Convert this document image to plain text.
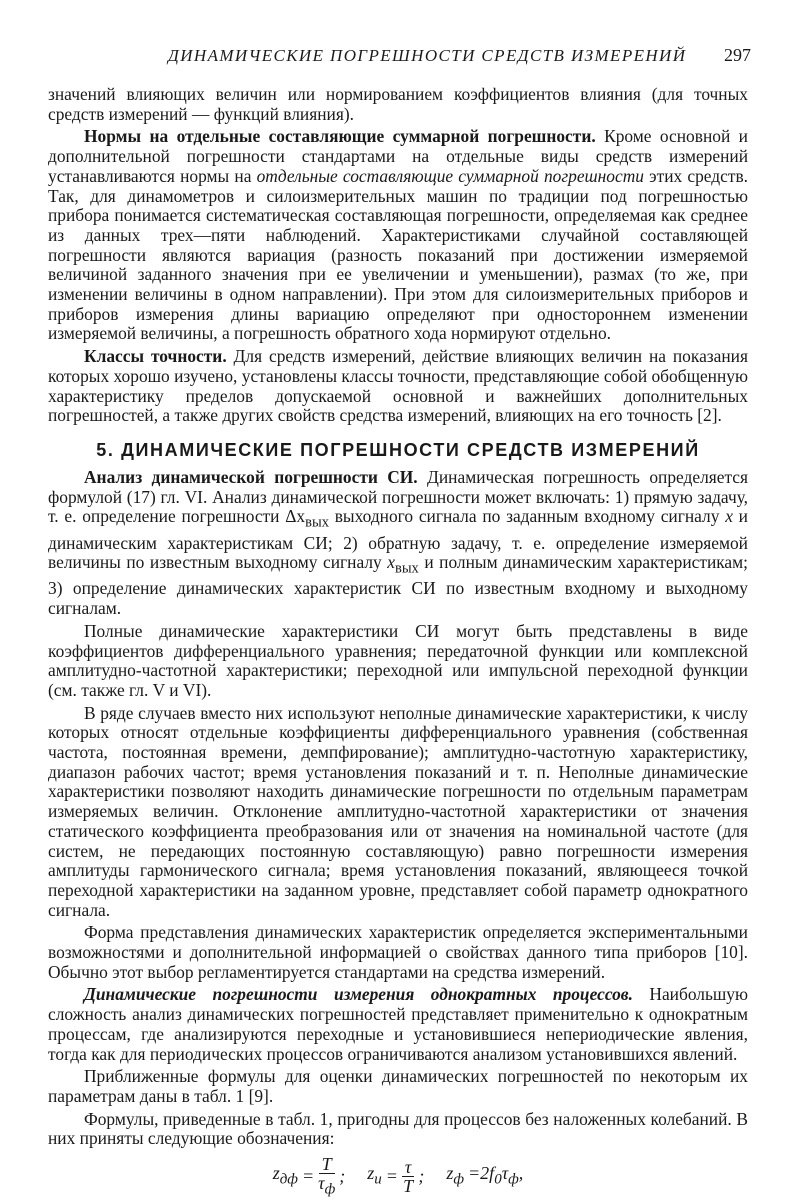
ДИНАМИЧЕСКИЕ ПОГРЕШНОСТИ СРЕДСТВ ИЗМЕРЕНИЙ 297

значений влияющих величин или нормированием коэффициентов влияния (для точных средств измерений — функций влияния).

Нормы на отдельные составляющие суммарной погрешности. Кроме основной и дополнительной погрешности стандартами на отдельные виды средств измерений устанавливаются нормы на отдельные составляющие суммарной погрешности этих средств. Так, для динамометров и силоизмерительных машин по традиции под погрешностью прибора понимается систематическая составляющая погрешности, определяемая как среднее из данных трех—пяти наблюдений. Характеристиками случайной составляющей погрешности являются вариация (разность показаний при достижении измеряемой величиной заданного значения при ее увеличении и уменьшении), размах (то же, при изменении величины в одном направлении). При этом для силоизмерительных приборов и приборов измерения длины вариацию определяют при одностороннем изменении измеряемой величины, а погрешность обратного хода нормируют отдельно.

Классы точности. Для средств измерений, действие влияющих величин на показания которых хорошо изучено, установлены классы точности, представляющие собой обобщенную характеристику пределов допускаемой основной и важнейших дополнительных погрешностей, а также других свойств средства измерений, влияющих на его точность [2].

5. ДИНАМИЧЕСКИЕ ПОГРЕШНОСТИ СРЕДСТВ ИЗМЕРЕНИЙ

Анализ динамической погрешности СИ. Динамическая погрешность определяется формулой (17) гл. VI. Анализ динамической погрешности может включать: 1) прямую задачу, т. е. определение погрешности $\Delta x_{вых}$ выходного сигнала по заданным входному сигналу x и динамическим характеристикам СИ; 2) обратную задачу, т. е. определение измеряемой величины по известным выходному сигналу $x_{вых}$ и полным динамическим характеристикам; 3) определение динамических характеристик СИ по известным входному и выходному сигналам.

Полные динамические характеристики СИ могут быть представлены в виде коэффициентов дифференциального уравнения; передаточной функции или комплексной амплитудно-частотной характеристики; переходной или импульсной переходной функции (см. также гл. V и VI).

В ряде случаев вместо них используют неполные динамические характеристики, к числу которых относят отдельные коэффициенты дифференциального уравнения (собственная частота, постоянная времени, демпфирование); амплитудно-частотную характеристику, диапазон рабочих частот; время установления показаний и т. п. Неполные динамические характеристики позволяют находить динамические погрешности по отдельным параметрам измеряемых величин. Отклонение амплитудно-частотной характеристики от значения статического коэффициента преобразования или от значения на номинальной частоте (для систем, не передающих постоянную составляющую) равно погрешности измерения амплитуды гармонического сигнала; время установления показаний, являющееся точкой переходной характеристики на заданном уровне, представляет собой параметр однократного сигнала.

Форма представления динамических характеристик определяется экспериментальными возможностями и дополнительной информацией о свойствах данного типа приборов [10]. Обычно этот выбор регламентируется стандартами на средства измерений.

Динамические погрешности измерения однократных процессов. Наибольшую сложность анализ динамических погрешностей представляет применительно к однократным процессам, где анализируются переходные и установившиеся непериодические явления, тогда как для периодических процессов ограничиваются анализом установившихся явлений.

Приближенные формулы для оценки динамических погрешностей по некоторым их параметрам даны в табл. 1 [9].

Формулы, приведенные в табл. 1, пригодны для процессов без наложенных колебаний. В них приняты следующие обозначения:

$z_{дф} = \frac{T}{\tau_ф}$ ; $z_и = \frac{\tau}{T}$ ; $z_ф =2f_0\tau_ф$,
